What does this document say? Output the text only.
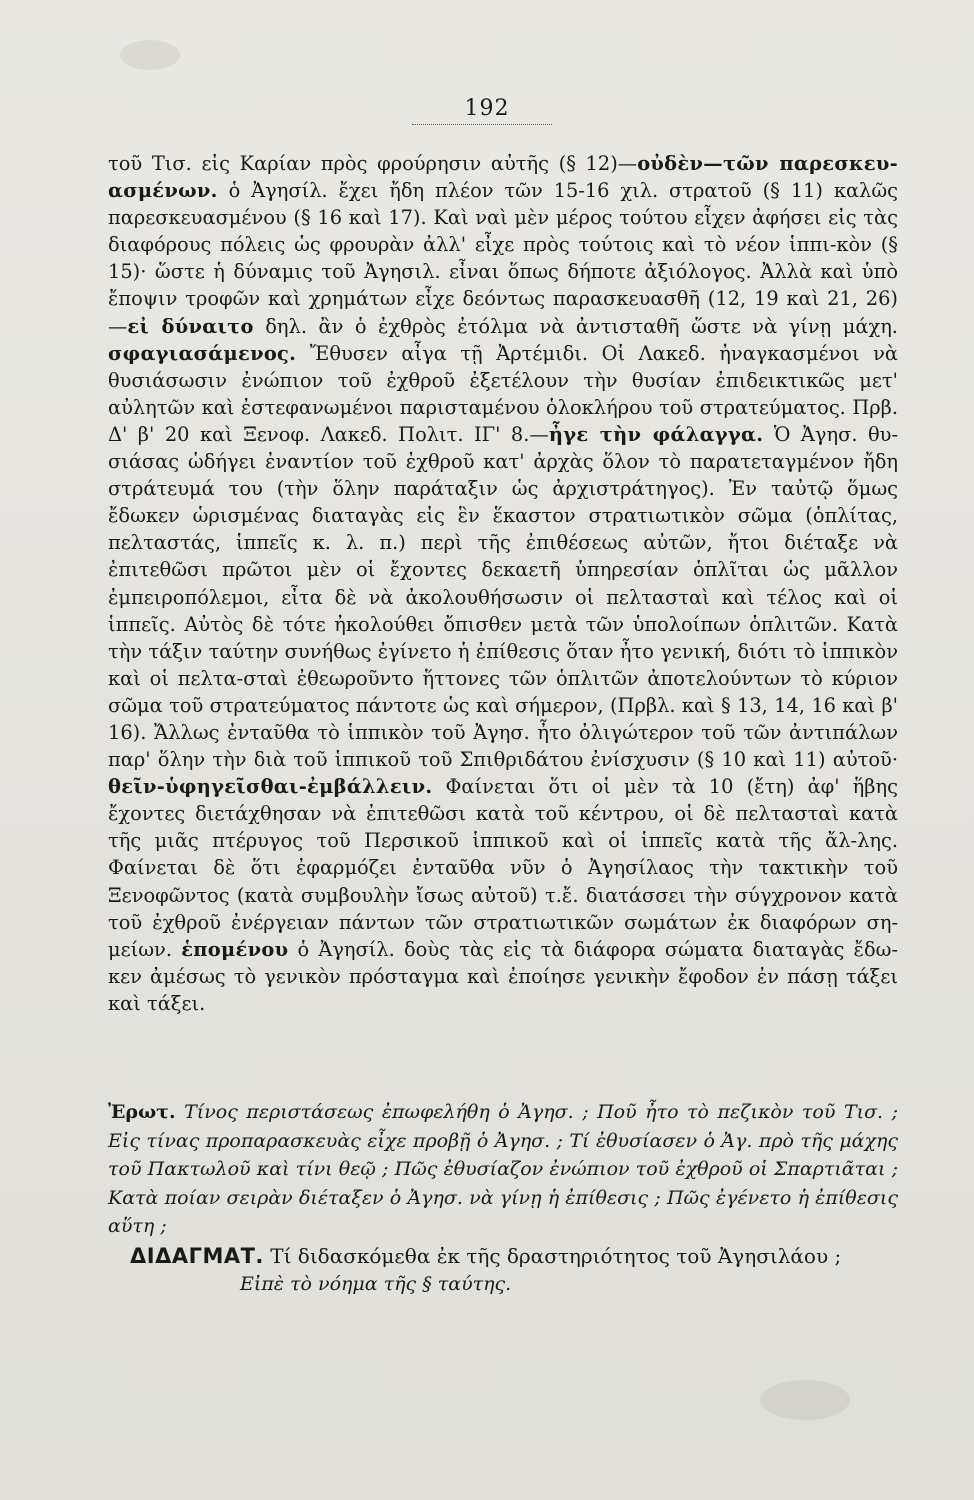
192

τοῦ Τισ. εἰς Καρίαν πρὸς φρούρησιν αὐτῆς (§ 12)—οὐδὲν—τῶν παρεσκευ-ασμένων. ὁ Ἀγησίλ. ἔχει ἤδη πλέον τῶν 15-16 χιλ. στρατοῦ (§ 11) καλῶς παρεσκευασμένου (§ 16 καὶ 17). Καὶ ναὶ μὲν μέρος τούτου εἶχεν ἀφήσει εἰς τὰς διαφόρους πόλεις ὡς φρουρὰν ἀλλ' εἶχε πρὸς τούτοις καὶ τὸ νέον ἱππι-κὸν (§ 15)· ὥστε ἡ δύναμις τοῦ Ἀγησιλ. εἶναι ὅπως δήποτε ἀξιόλογος. Ἀλλὰ καὶ ὑπὸ ἔποψιν τροφῶν καὶ χρημάτων εἶχε δεόντως παρασκευασθῆ (12, 19 καὶ 21, 26)—εἰ δύναιτο δηλ. ἂν ὁ ἐχθρὸς ἐτόλμα νὰ ἀντισταθῆ ὥστε νὰ γίνῃ μάχη. σφαγιασάμενος. Ἔθυσεν αἶγα τῇ Ἀρτέμιδι. Οἱ Λακεδ. ἠναγκασμένοι νὰ θυσιάσωσιν ἐνώπιον τοῦ ἐχθροῦ ἐξετέλουν τὴν θυσίαν ἐπιδεικτικῶς μετ' αὐλητῶν καὶ ἐστεφανωμένοι παρισταμένου ὁλοκλήρου τοῦ στρατεύματος. Πρβ. Δ' β' 20 καὶ Ξενοφ. Λακεδ. Πολιτ. ΙΓ' 8.—ἦγε τὴν φάλαγγα. Ὁ Ἀγησ. θυ-σιάσας ὡδήγει ἐναντίον τοῦ ἐχθροῦ κατ' ἀρχὰς ὅλον τὸ παρατεταγμένον ἤδη στράτευμά του (τὴν ὅλην παράταξιν ὡς ἀρχιστράτηγος). Ἐν ταὐτῷ ὅμως ἔδωκεν ὡρισμένας διαταγὰς εἰς ἓν ἕκαστον στρατιωτικὸν σῶμα (ὁπλίτας, πελταστάς, ἱππεῖς κ. λ. π.) περὶ τῆς ἐπιθέσεως αὐτῶν, ἤτοι διέταξε νὰ ἐπιτεθῶσι πρῶτοι μὲν οἱ ἔχοντες δεκαετῆ ὑπηρεσίαν ὁπλῖται ὡς μᾶλλον ἐμπειροπόλεμοι, εἶτα δὲ νὰ ἀκολουθήσωσιν οἱ πελτασταὶ καὶ τέλος καὶ οἱ ἱππεῖς. Αὐτὸς δὲ τότε ἠκολούθει ὄπισθεν μετὰ τῶν ὑπολοίπων ὁπλιτῶν. Κατὰ τὴν τάξιν ταύτην συνήθως ἐγίνετο ἡ ἐπίθεσις ὅταν ἦτο γενική, διότι τὸ ἱππικὸν καὶ οἱ πελτα-σταὶ ἐθεωροῦντο ἥττονες τῶν ὁπλιτῶν ἀποτελούντων τὸ κύριον σῶμα τοῦ στρατεύματος πάντοτε ὡς καὶ σήμερον, (Πρβλ. καὶ § 13, 14, 16 καὶ β' 16). Ἄλλως ἐνταῦθα τὸ ἱππικὸν τοῦ Ἀγησ. ἦτο ὀλιγώτερον τοῦ τῶν ἀντιπάλων παρ' ὅλην τὴν διὰ τοῦ ἱππικοῦ τοῦ Σπιθριδάτου ἐνίσχυσιν (§ 10 καὶ 11) αὐτοῦ· θεῖν-ὑφηγεῖσθαι-ἐμβάλλειν. Φαίνεται ὅτι οἱ μὲν τὰ 10 (ἔτη) ἀφ' ἥβης ἔχοντες διετάχθησαν νὰ ἐπιτεθῶσι κατὰ τοῦ κέντρου, οἱ δὲ πελτασταὶ κατὰ τῆς μιᾶς πτέρυγος τοῦ Περσικοῦ ἱππικοῦ καὶ οἱ ἱππεῖς κατὰ τῆς ἄλ-λης. Φαίνεται δὲ ὅτι ἐφαρμόζει ἐνταῦθα νῦν ὁ Ἀγησίλαος τὴν τακτικὴν τοῦ Ξενοφῶντος (κατὰ συμβουλὴν ἴσως αὐτοῦ) τ.ἔ. διατάσσει τὴν σύγχρονον κατὰ τοῦ ἐχθροῦ ἐνέργειαν πάντων τῶν στρατιωτικῶν σωμάτων ἐκ διαφόρων ση-μείων. ἑπομένου ὁ Ἀγησίλ. δοὺς τὰς εἰς τὰ διάφορα σώματα διαταγὰς ἔδω-κεν ἀμέσως τὸ γενικὸν πρόσταγμα καὶ ἐποίησε γενικὴν ἔφοδον ἐν πάσῃ τάξει καὶ τάξει.

Ἐρωτ. Τίνος περιστάσεως ἐπωφελήθη ὁ Ἀγησ. ; Ποῦ ἦτο τὸ πεζικὸν τοῦ Τισ. ; Εἰς τίνας προπαρασκευὰς εἶχε προβῇ ὁ Ἀγησ. ; Τί ἐθυσίασεν ὁ Ἀγ. πρὸ τῆς μάχης τοῦ Πακτωλοῦ καὶ τίνι θεῷ ; Πῶς ἐθυσίαζον ἐνώπιον τοῦ ἐχθροῦ οἱ Σπαρτιᾶται ; Κατὰ ποίαν σειρὰν διέταξεν ὁ Ἀγησ. νὰ γίνῃ ἡ ἐπίθεσις ; Πῶς ἐγένετο ἡ ἐπίθεσις αὕτη ;
ΔΙΔΑΓΜΑΤ. Τί διδασκόμεθα ἐκ τῆς δραστηριότητος τοῦ Ἀγησιλάου ;
Εἰπὲ τὸ νόημα τῆς § ταύτης.
